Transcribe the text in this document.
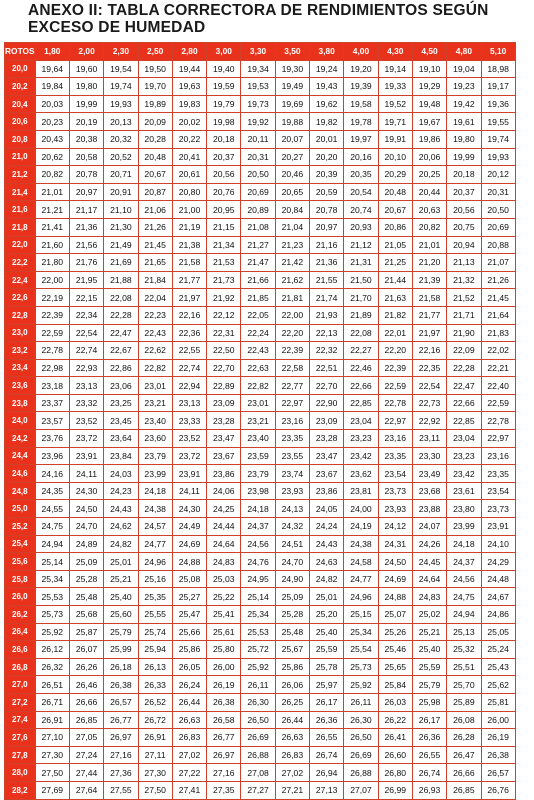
ANEXO II: TABLA CORRECTORA DE RENDIMIENTOS SEGÚN EXCESO DE HUMEDAD
ROTOS	1,80	2,00	2,30	2,50	2,80	3,00	3,30	3,50	3,80	4,00	4,30	4,50	4,80	5,10
20,0	19,64	19,60	19,54	19,50	19,44	19,40	19,34	19,30	19,24	19,20	19,14	19,10	19,04	18,98
20,2	19,84	19,80	19,74	19,70	19,63	19,59	19,53	19,49	19,43	19,39	19,33	19,29	19,23	19,17
20,4	20,03	19,99	19,93	19,89	19,83	19,79	19,73	19,69	19,62	19,58	19,52	19,48	19,42	19,36
20,6	20,23	20,19	20,13	20,09	20,02	19,98	19,92	19,88	19,82	19,78	19,71	19,67	19,61	19,55
20,8	20,43	20,38	20,32	20,28	20,22	20,18	20,11	20,07	20,01	19,97	19,91	19,86	19,80	19,74
21,0	20,62	20,58	20,52	20,48	20,41	20,37	20,31	20,27	20,20	20,16	20,10	20,06	19,99	19,93
21,2	20,82	20,78	20,71	20,67	20,61	20,56	20,50	20,46	20,39	20,35	20,29	20,25	20,18	20,12
21,4	21,01	20,97	20,91	20,87	20,80	20,76	20,69	20,65	20,59	20,54	20,48	20,44	20,37	20,31
21,6	21,21	21,17	21,10	21,06	21,00	20,95	20,89	20,84	20,78	20,74	20,67	20,63	20,56	20,50
21,8	21,41	21,36	21,30	21,26	21,19	21,15	21,08	21,04	20,97	20,93	20,86	20,82	20,75	20,69
22,0	21,60	21,56	21,49	21,45	21,38	21,34	21,27	21,23	21,16	21,12	21,05	21,01	20,94	20,88
22,2	21,80	21,76	21,69	21,65	21,58	21,53	21,47	21,42	21,36	21,31	21,25	21,20	21,13	21,07
22,4	22,00	21,95	21,88	21,84	21,77	21,73	21,66	21,62	21,55	21,50	21,44	21,39	21,32	21,26
22,6	22,19	22,15	22,08	22,04	21,97	21,92	21,85	21,81	21,74	21,70	21,63	21,58	21,52	21,45
22,8	22,39	22,34	22,28	22,23	22,16	22,12	22,05	22,00	21,93	21,89	21,82	21,77	21,71	21,64
23,0	22,59	22,54	22,47	22,43	22,36	22,31	22,24	22,20	22,13	22,08	22,01	21,97	21,90	21,83
23,2	22,78	22,74	22,67	22,62	22,55	22,50	22,43	22,39	22,32	22,27	22,20	22,16	22,09	22,02
23,4	22,98	22,93	22,86	22,82	22,74	22,70	22,63	22,58	22,51	22,46	22,39	22,35	22,28	22,21
23,6	23,18	23,13	23,06	23,01	22,94	22,89	22,82	22,77	22,70	22,66	22,59	22,54	22,47	22,40
23,8	23,37	23,32	23,25	23,21	23,13	23,09	23,01	22,97	22,90	22,85	22,78	22,73	22,66	22,59
24,0	23,57	23,52	23,45	23,40	23,33	23,28	23,21	23,16	23,09	23,04	22,97	22,92	22,85	22,78
24,2	23,76	23,72	23,64	23,60	23,52	23,47	23,40	23,35	23,28	23,23	23,16	23,11	23,04	22,97
24,4	23,96	23,91	23,84	23,79	23,72	23,67	23,59	23,55	23,47	23,42	23,35	23,30	23,23	23,16
24,6	24,16	24,11	24,03	23,99	23,91	23,86	23,79	23,74	23,67	23,62	23,54	23,49	23,42	23,35
24,8	24,35	24,30	24,23	24,18	24,11	24,06	23,98	23,93	23,86	23,81	23,73	23,68	23,61	23,54
25,0	24,55	24,50	24,43	24,38	24,30	24,25	24,18	24,13	24,05	24,00	23,93	23,88	23,80	23,73
25,2	24,75	24,70	24,62	24,57	24,49	24,44	24,37	24,32	24,24	24,19	24,12	24,07	23,99	23,91
25,4	24,94	24,89	24,82	24,77	24,69	24,64	24,56	24,51	24,43	24,38	24,31	24,26	24,18	24,10
25,6	25,14	25,09	25,01	24,96	24,88	24,83	24,76	24,70	24,63	24,58	24,50	24,45	24,37	24,29
25,8	25,34	25,28	25,21	25,16	25,08	25,03	24,95	24,90	24,82	24,77	24,69	24,64	24,56	24,48
26,0	25,53	25,48	25,40	25,35	25,27	25,22	25,14	25,09	25,01	24,96	24,88	24,83	24,75	24,67
26,2	25,73	25,68	25,60	25,55	25,47	25,41	25,34	25,28	25,20	25,15	25,07	25,02	24,94	24,86
26,4	25,92	25,87	25,79	25,74	25,66	25,61	25,53	25,48	25,40	25,34	25,26	25,21	25,13	25,05
26,6	26,12	26,07	25,99	25,94	25,86	25,80	25,72	25,67	25,59	25,54	25,46	25,40	25,32	25,24
26,8	26,32	26,26	26,18	26,13	26,05	26,00	25,92	25,86	25,78	25,73	25,65	25,59	25,51	25,43
27,0	26,51	26,46	26,38	26,33	26,24	26,19	26,11	26,06	25,97	25,92	25,84	25,79	25,70	25,62
27,2	26,71	26,66	26,57	26,52	26,44	26,38	26,30	26,25	26,17	26,11	26,03	25,98	25,89	25,81
27,4	26,91	26,85	26,77	26,72	26,63	26,58	26,50	26,44	26,36	26,30	26,22	26,17	26,08	26,00
27,6	27,10	27,05	26,97	26,91	26,83	26,77	26,69	26,63	26,55	26,50	26,41	26,36	26,28	26,19
27,8	27,30	27,24	27,16	27,11	27,02	26,97	26,88	26,83	26,74	26,69	26,60	26,55	26,47	26,38
28,0	27,50	27,44	27,36	27,30	27,22	27,16	27,08	27,02	26,94	26,88	26,80	26,74	26,66	26,57
28,2	27,69	27,64	27,55	27,50	27,41	27,35	27,27	27,21	27,13	27,07	26,99	26,93	26,85	26,76
